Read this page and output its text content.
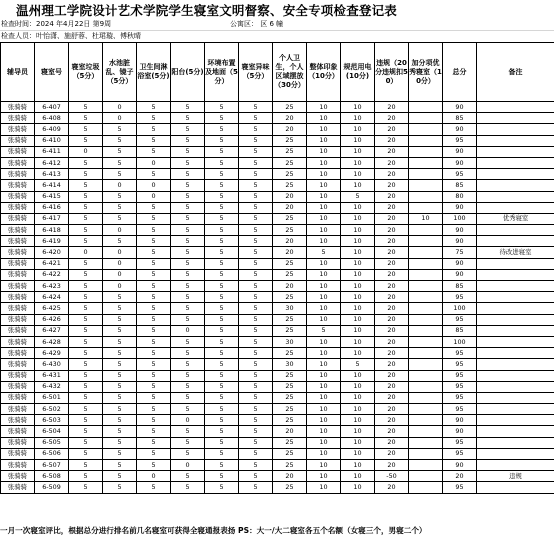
温州理工学院设计艺术学院学生寝室文明督察、安全专项检查登记表
检查时间：2024 年4月22日 第9周	公寓区： 区 6 幢
检查人员：叶怡潇、施舒蓉、杜珺璇、傅秋晴
辅导员	寝室号	寝室垃圾（5分）	水池脏乱、镜子（5分）	卫生间淋浴室(5分)	阳台(5分)	环境布置及地面（5分）	寝室异味（5分）	个人卫生，个人区域摆放（30分）	整体印象（10分）	规范用电(10分)	违规（20分违规扣50）	加分项优秀寝室（10分）	总分	备注
张骑骑	6-407	5	0	5	5	5	5	25	10	10	20		90	
张骑骑	6-408	5	0	5	5	5	5	20	10	10	20		85	
张骑骑	6-409	5	5	5	5	5	5	20	10	10	20		90	
张骑骑	6-410	5	5	5	5	5	5	25	10	10	20		95	
张骑骑	6-411	0	5	5	5	5	5	25	10	10	20		90	
张骑骑	6-412	5	5	0	5	5	5	25	10	10	20		90	
张骑骑	6-413	5	5	5	5	5	5	25	10	10	20		95	
张骑骑	6-414	5	0	0	5	5	5	25	10	10	20		85	
张骑骑	6-415	5	5	0	5	5	5	20	10	5	20		80	
张骑骑	6-416	5	5	5	5	5	5	20	10	10	20		90	
张骑骑	6-417	5	5	5	5	5	5	25	10	10	20	10	100	优秀寝室
张骑骑	6-418	5	0	5	5	5	5	25	10	10	20		90	
张骑骑	6-419	5	5	5	5	5	5	20	10	10	20		90	
张骑骑	6-420	0	0	5	5	5	5	20	5	10	20		75	待改进寝室
张骑骑	6-421	5	0	5	5	5	5	25	10	10	20		90	
张骑骑	6-422	5	0	5	5	5	5	25	10	10	20		90	
张骑骑	6-423	5	0	5	5	5	5	20	10	10	20		85	
张骑骑	6-424	5	5	5	5	5	5	25	10	10	20		95	
张骑骑	6-425	5	5	5	5	5	5	30	10	10	20		100	
张骑骑	6-426	5	5	5	5	5	5	25	10	10	20		95	
张骑骑	6-427	5	5	5	0	5	5	25	5	10	20		85	
张骑骑	6-428	5	5	5	5	5	5	30	10	10	20		100	
张骑骑	6-429	5	5	5	5	5	5	25	10	10	20		95	
张骑骑	6-430	5	5	5	5	5	5	30	10	5	20		95	
张骑骑	6-431	5	5	5	5	5	5	25	10	10	20		95	
张骑骑	6-432	5	5	5	5	5	5	25	10	10	20		95	
张骑骑	6-501	5	5	5	5	5	5	25	10	10	20		95	
张骑骑	6-502	5	5	5	5	5	5	25	10	10	20		95	
张骑骑	6-503	5	5	5	0	5	5	25	10	10	20		90	
张骑骑	6-504	5	5	5	5	5	5	20	10	10	20		90	
张骑骑	6-505	5	5	5	5	5	5	25	10	10	20		95	
张骑骑	6-506	5	5	5	5	5	5	25	10	10	20		95	
张骑骑	6-507	5	5	5	0	5	5	25	10	10	20		90	
张骑骑	6-508	5	5	0	5	5	5	20	10	10	-50		20	违规
张骑骑	6-509	5	5	5	5	5	5	25	10	10	20		95	
一月一次寝室评比，根据总分进行排名前几名寝室可获得全寝通报表扬 PS：大一/大二寝室各五个名额（女寝三个，男寝二个）
